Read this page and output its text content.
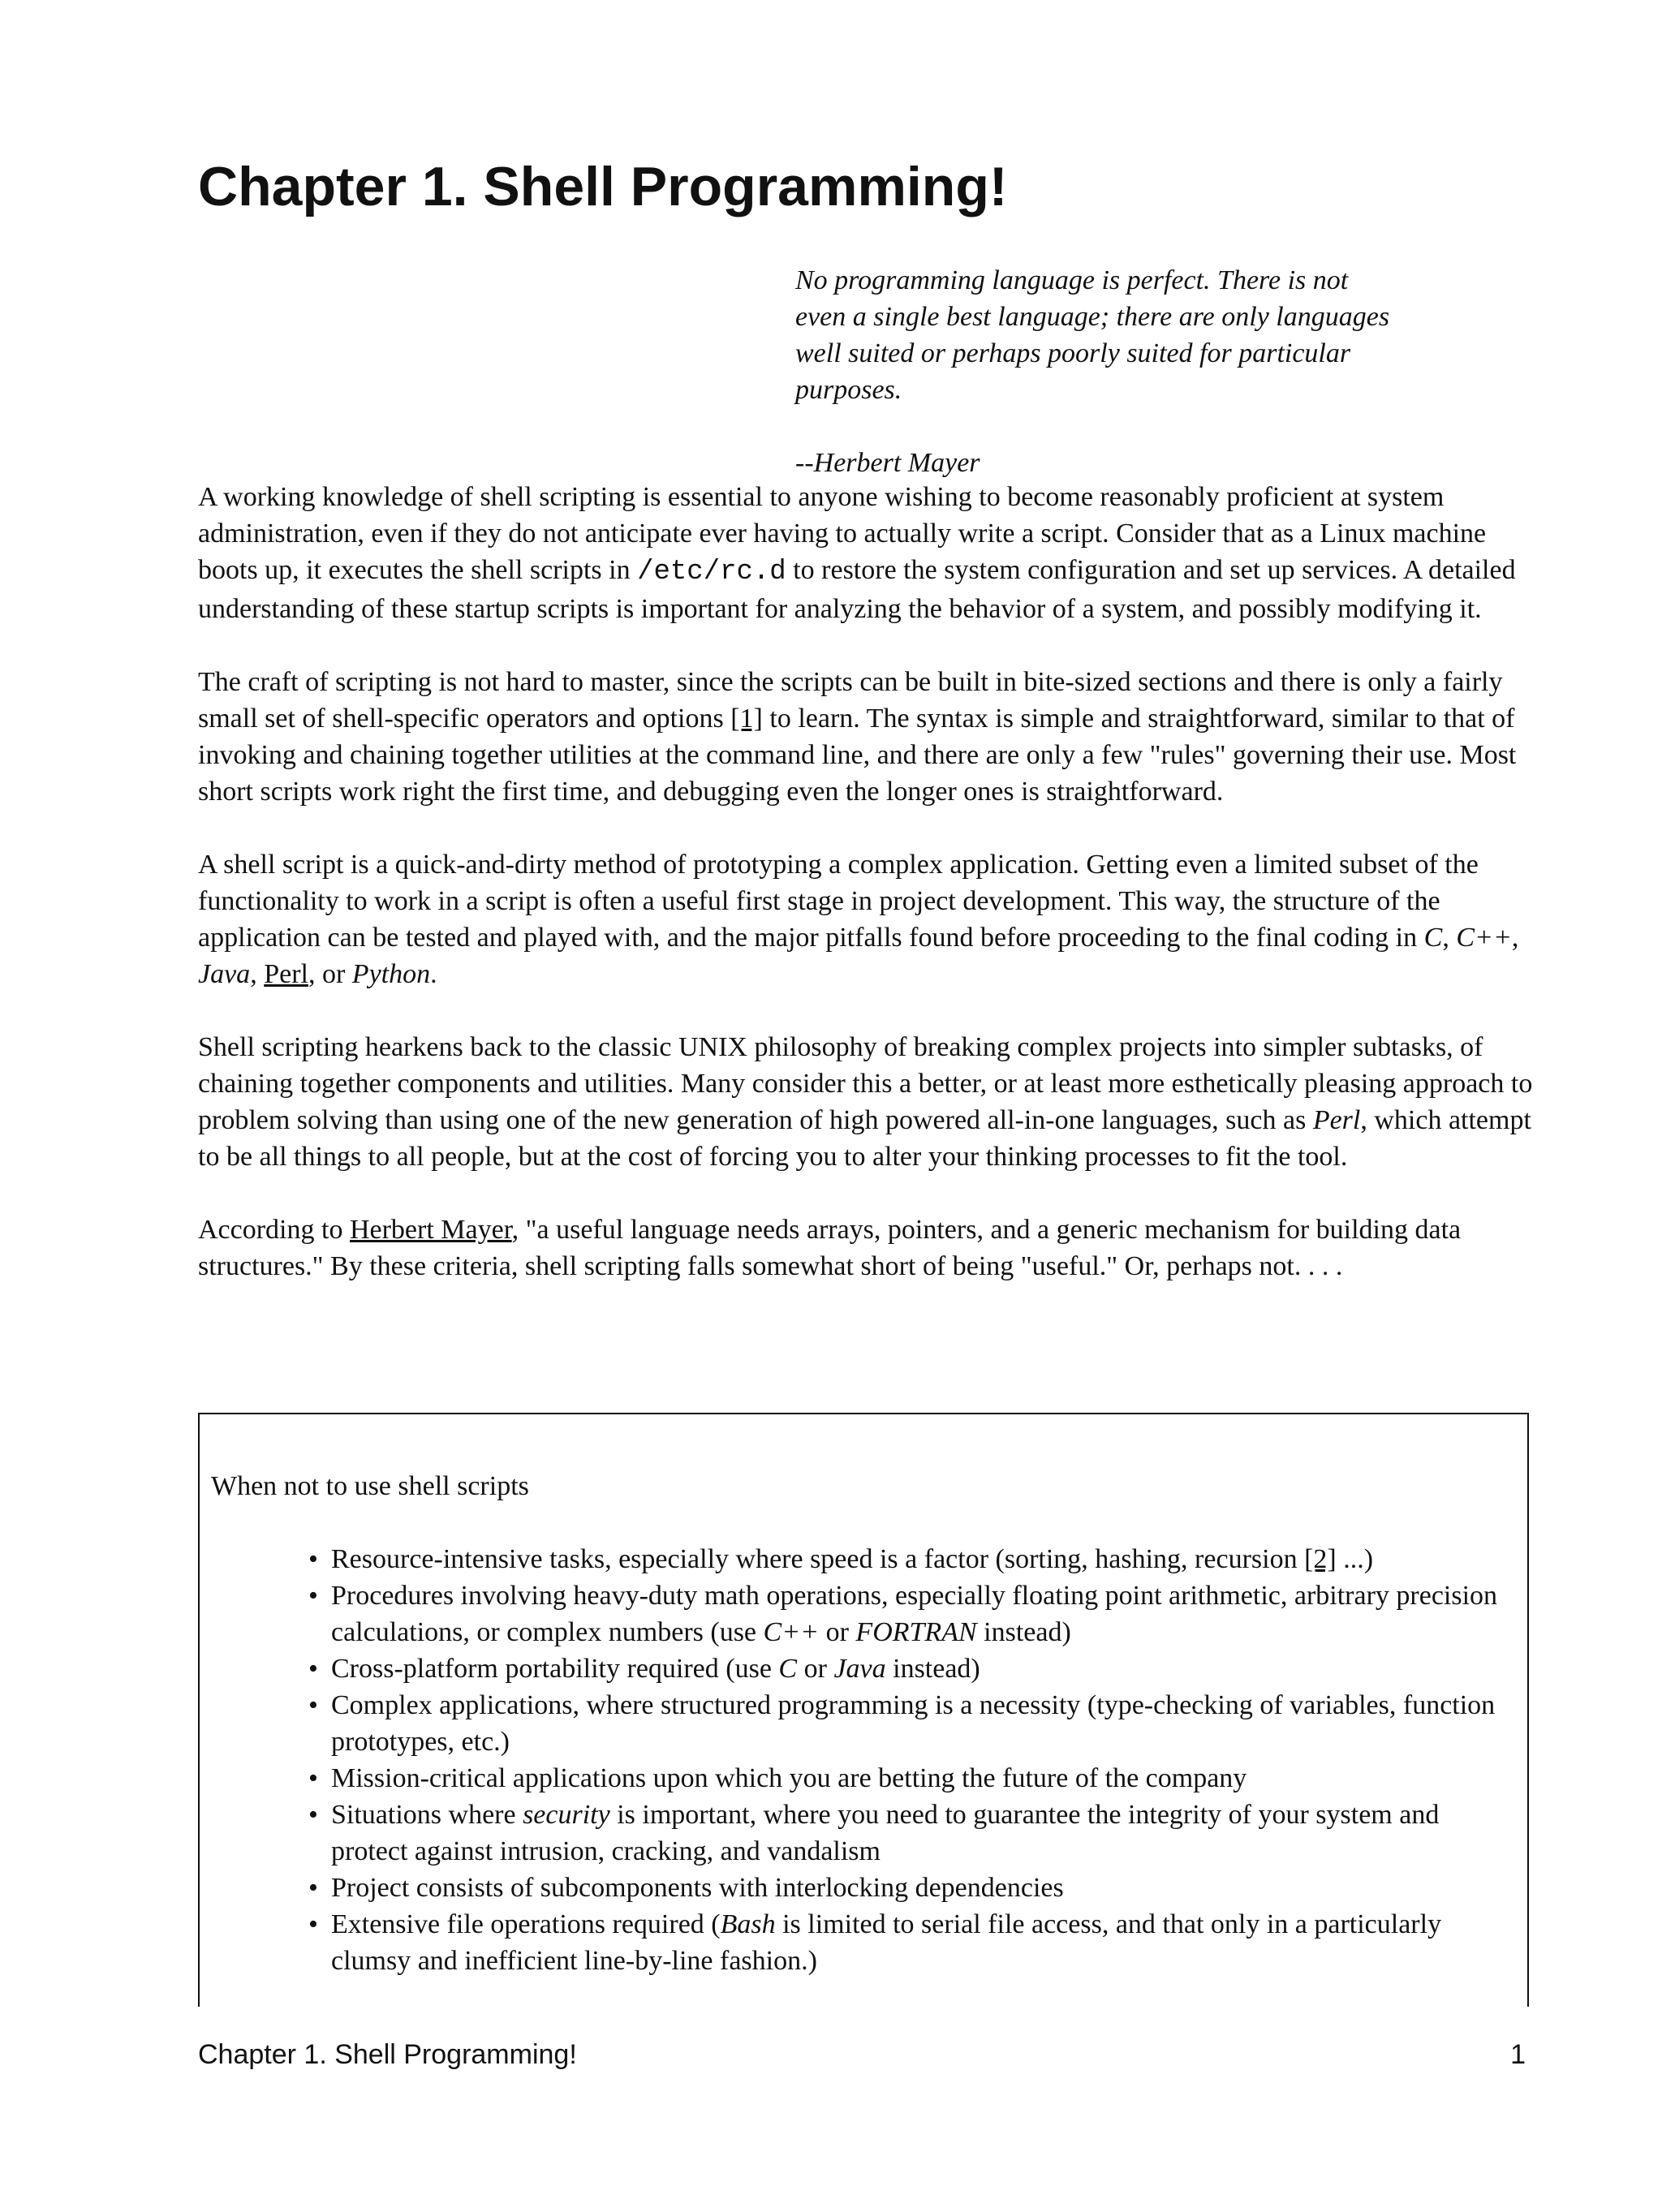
Chapter 1. Shell Programming!

No programming language is perfect. There is not even a single best language; there are only languages well suited or perhaps poorly suited for particular purposes.

--Herbert Mayer

A working knowledge of shell scripting is essential to anyone wishing to become reasonably proficient at system administration, even if they do not anticipate ever having to actually write a script. Consider that as a Linux machine boots up, it executes the shell scripts in /etc/rc.d to restore the system configuration and set up services. A detailed understanding of these startup scripts is important for analyzing the behavior of a system, and possibly modifying it.

The craft of scripting is not hard to master, since the scripts can be built in bite-sized sections and there is only a fairly small set of shell-specific operators and options [1] to learn. The syntax is simple and straightforward, similar to that of invoking and chaining together utilities at the command line, and there are only a few "rules" governing their use. Most short scripts work right the first time, and debugging even the longer ones is straightforward.

A shell script is a quick-and-dirty method of prototyping a complex application. Getting even a limited subset of the functionality to work in a script is often a useful first stage in project development. This way, the structure of the application can be tested and played with, and the major pitfalls found before proceeding to the final coding in C, C++, Java, Perl, or Python.

Shell scripting hearkens back to the classic UNIX philosophy of breaking complex projects into simpler subtasks, of chaining together components and utilities. Many consider this a better, or at least more esthetically pleasing approach to problem solving than using one of the new generation of high powered all-in-one languages, such as Perl, which attempt to be all things to all people, but at the cost of forcing you to alter your thinking processes to fit the tool.

According to Herbert Mayer, "a useful language needs arrays, pointers, and a generic mechanism for building data structures." By these criteria, shell scripting falls somewhat short of being "useful." Or, perhaps not. . . .

When not to use shell scripts

• Resource-intensive tasks, especially where speed is a factor (sorting, hashing, recursion [2] ...)
• Procedures involving heavy-duty math operations, especially floating point arithmetic, arbitrary precision calculations, or complex numbers (use C++ or FORTRAN instead)
• Cross-platform portability required (use C or Java instead)
• Complex applications, where structured programming is a necessity (type-checking of variables, function prototypes, etc.)
• Mission-critical applications upon which you are betting the future of the company
• Situations where security is important, where you need to guarantee the integrity of your system and protect against intrusion, cracking, and vandalism
• Project consists of subcomponents with interlocking dependencies
• Extensive file operations required (Bash is limited to serial file access, and that only in a particularly clumsy and inefficient line-by-line fashion.)
Chapter 1. Shell Programming!	1
